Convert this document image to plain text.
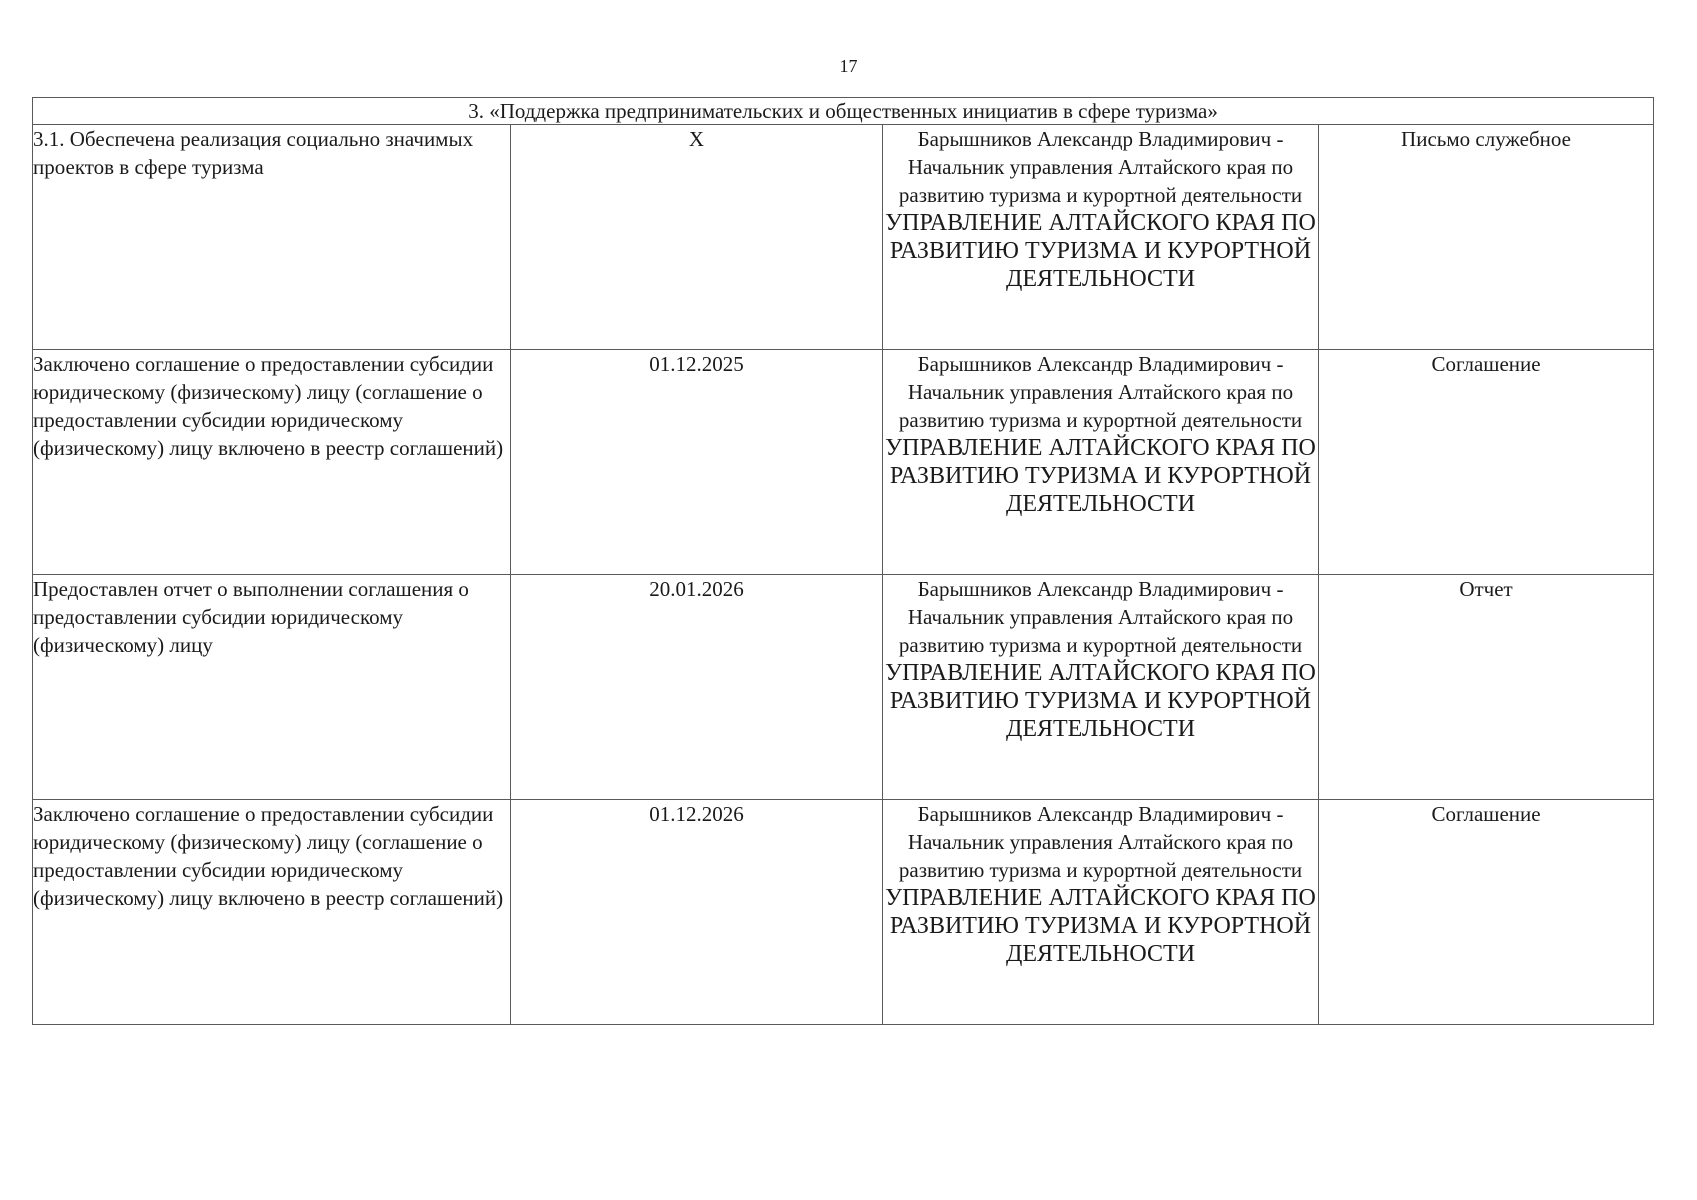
17
3. «Поддержка предпринимательских и общественных инициатив в сфере туризма»			
3.1. Обеспечена реализация социально значимых проектов в сфере туризма	X	Барышников Александр Владимирович - Начальник управления Алтайского края по развитию туризма и курортной деятельности
УПРАВЛЕНИЕ АЛТАЙСКОГО КРАЯ ПО РАЗВИТИЮ ТУРИЗМА И КУРОРТНОЙ ДЕЯТЕЛЬНОСТИ	Письмо служебное
Заключено соглашение о предоставлении субсидии юридическому (физическому) лицу (соглашение о предоставлении субсидии юридическому (физическому) лицу включено в реестр соглашений)	01.12.2025	Барышников Александр Владимирович - Начальник управления Алтайского края по развитию туризма и курортной деятельности
УПРАВЛЕНИЕ АЛТАЙСКОГО КРАЯ ПО РАЗВИТИЮ ТУРИЗМА И КУРОРТНОЙ ДЕЯТЕЛЬНОСТИ	Соглашение
Предоставлен отчет о выполнении соглашения о предоставлении субсидии юридическому (физическому) лицу	20.01.2026	Барышников Александр Владимирович - Начальник управления Алтайского края по развитию туризма и курортной деятельности
УПРАВЛЕНИЕ АЛТАЙСКОГО КРАЯ ПО РАЗВИТИЮ ТУРИЗМА И КУРОРТНОЙ ДЕЯТЕЛЬНОСТИ	Отчет
Заключено соглашение о предоставлении субсидии юридическому (физическому) лицу (соглашение о предоставлении субсидии юридическому (физическому) лицу включено в реестр соглашений)	01.12.2026	Барышников Александр Владимирович - Начальник управления Алтайского края по развитию туризма и курортной деятельности
УПРАВЛЕНИЕ АЛТАЙСКОГО КРАЯ ПО РАЗВИТИЮ ТУРИЗМА И КУРОРТНОЙ ДЕЯТЕЛЬНОСТИ	Соглашение
